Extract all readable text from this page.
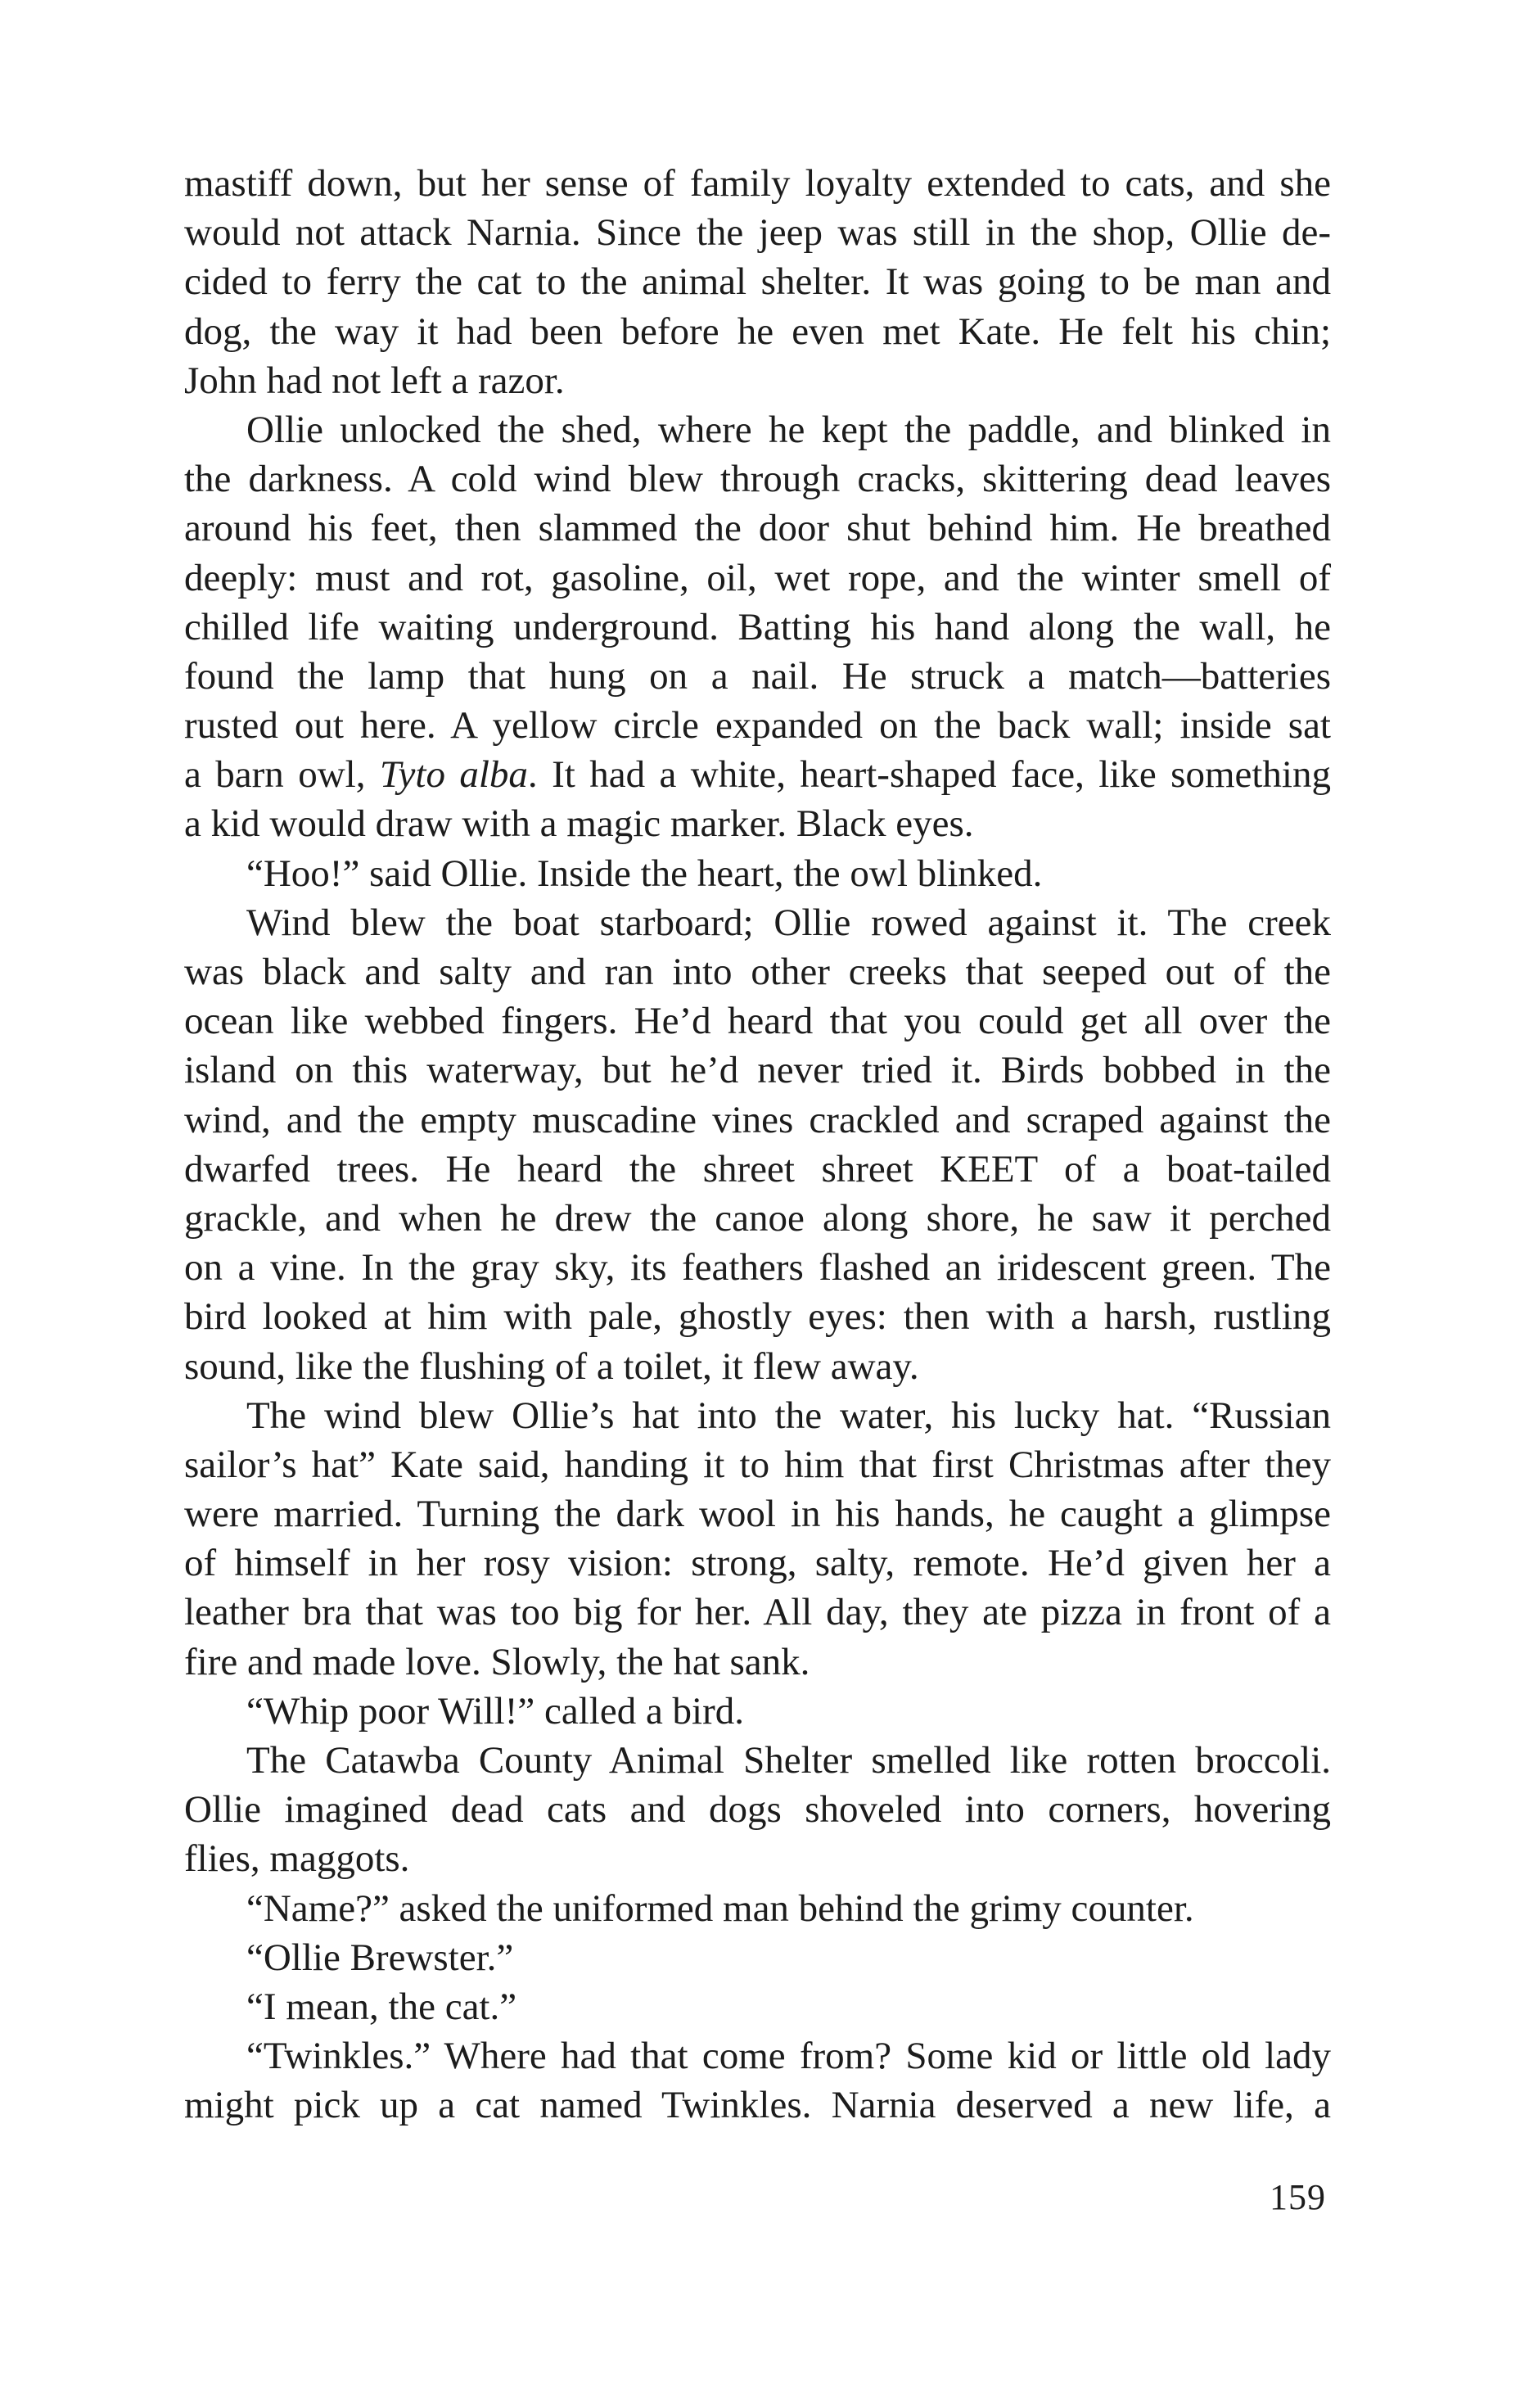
mastiff down, but her sense of family loyalty extended to cats, and she
would not attack Narnia. Since the jeep was still in the shop, Ollie de-
cided to ferry the cat to the animal shelter. It was going to be man and
dog, the way it had been before he even met Kate. He felt his chin;
John had not left a razor.
Ollie unlocked the shed, where he kept the paddle, and blinked in
the darkness. A cold wind blew through cracks, skittering dead leaves
around his feet, then slammed the door shut behind him. He breathed
deeply: must and rot, gasoline, oil, wet rope, and the winter smell of
chilled life waiting underground. Batting his hand along the wall, he
found the lamp that hung on a nail. He struck a match—batteries
rusted out here. A yellow circle expanded on the back wall; inside sat
a barn owl, Tyto alba. It had a white, heart-shaped face, like something
a kid would draw with a magic marker. Black eyes.
“Hoo!” said Ollie. Inside the heart, the owl blinked.
Wind blew the boat starboard; Ollie rowed against it. The creek
was black and salty and ran into other creeks that seeped out of the
ocean like webbed fingers. He’d heard that you could get all over the
island on this waterway, but he’d never tried it. Birds bobbed in the
wind, and the empty muscadine vines crackled and scraped against the
dwarfed trees. He heard the shreet shreet KEET of a boat-tailed
grackle, and when he drew the canoe along shore, he saw it perched
on a vine. In the gray sky, its feathers flashed an iridescent green. The
bird looked at him with pale, ghostly eyes: then with a harsh, rustling
sound, like the flushing of a toilet, it flew away.
The wind blew Ollie’s hat into the water, his lucky hat. “Russian
sailor’s hat” Kate said, handing it to him that first Christmas after they
were married. Turning the dark wool in his hands, he caught a glimpse
of himself in her rosy vision: strong, salty, remote. He’d given her a
leather bra that was too big for her. All day, they ate pizza in front of a
fire and made love. Slowly, the hat sank.
“Whip poor Will!” called a bird.
The Catawba County Animal Shelter smelled like rotten broccoli.
Ollie imagined dead cats and dogs shoveled into corners, hovering
flies, maggots.
“Name?” asked the uniformed man behind the grimy counter.
“Ollie Brewster.”
“I mean, the cat.”
“Twinkles.” Where had that come from? Some kid or little old lady
might pick up a cat named Twinkles. Narnia deserved a new life, a
159
